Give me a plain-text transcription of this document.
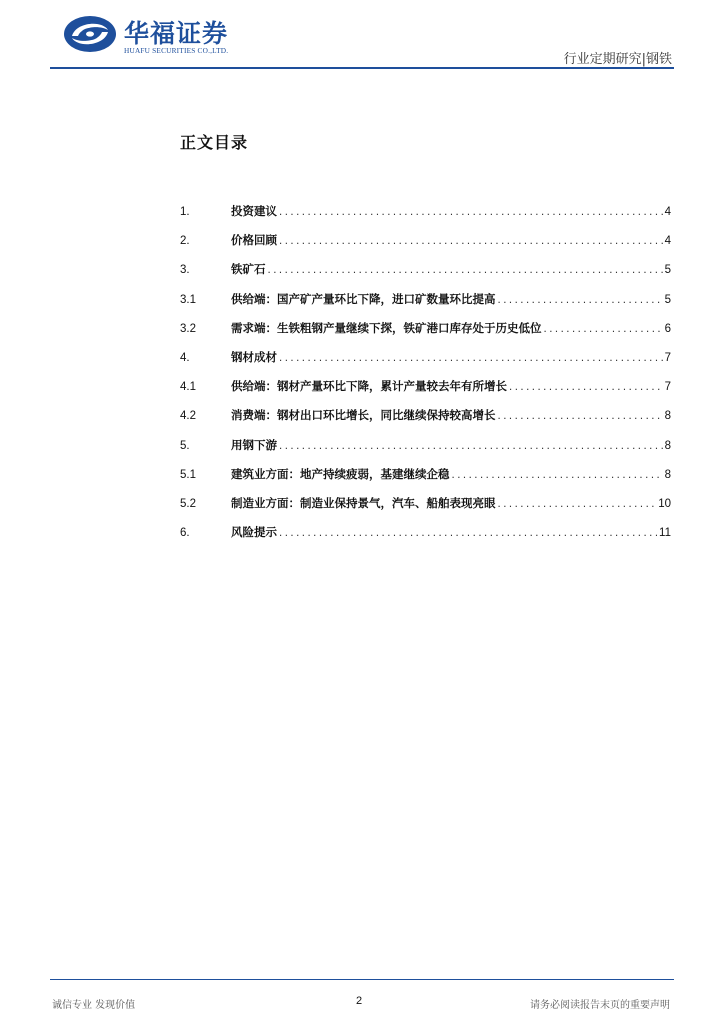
华福证券
HUAFU SECURITIES CO.,LTD.
行业定期研究|钢铁
正文目录
1.	投资建议 .....	4
2.	价格回顾 .....	4
3.	铁矿石 .....	5
3.1	供给端：国产矿产量环比下降，进口矿数量环比提高 .....	5
3.2	需求端：生铁粗钢产量继续下探，铁矿港口库存处于历史低位 .....	6
4.	钢材成材 .....	7
4.1	供给端：钢材产量环比下降，累计产量较去年有所增长 .....	7
4.2	消费端：钢材出口环比增长，同比继续保持较高增长 .....	8
5.	用钢下游 .....	8
5.1	建筑业方面：地产持续疲弱，基建继续企稳 .....	8
5.2	制造业方面：制造业保持景气，汽车、船舶表现亮眼 .....	10
6.	风险提示 .....	11
诚信专业 发现价值	2	请务必阅读报告末页的重要声明
